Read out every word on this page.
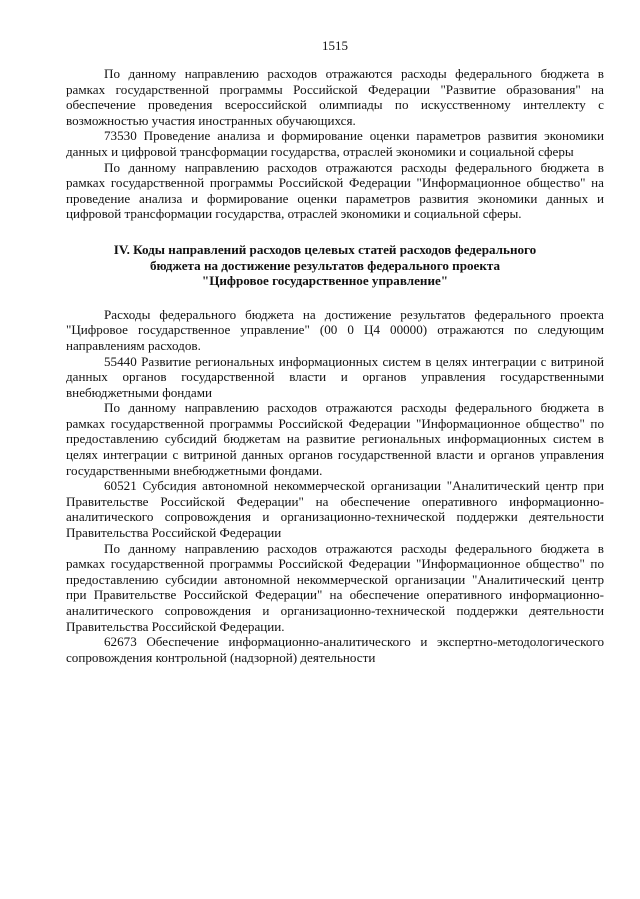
1515

По данному направлению расходов отражаются расходы федерального бюджета в рамках государственной программы Российской Федерации "Развитие образования" на обеспечение проведения всероссийской олимпиады по искусственному интеллекту с возможностью участия иностранных обучающихся.

73530 Проведение анализа и формирование оценки параметров развития экономики данных и цифровой трансформации государства, отраслей экономики и социальной сферы

По данному направлению расходов отражаются расходы федерального бюджета в рамках государственной программы Российской Федерации "Информационное общество" на проведение анализа и формирование оценки параметров развития экономики данных и цифровой трансформации государства, отраслей экономики и социальной сферы.

IV. Коды направлений расходов целевых статей расходов федерального
бюджета на достижение результатов федерального проекта
"Цифровое государственное управление"

Расходы федерального бюджета на достижение результатов федерального проекта "Цифровое государственное управление" (00 0 Ц4 00000) отражаются по следующим направлениям расходов.

55440 Развитие региональных информационных систем в целях интеграции с витриной данных органов государственной власти и органов управления государственными внебюджетными фондами

По данному направлению расходов отражаются расходы федерального бюджета в рамках государственной программы Российской Федерации "Информационное общество" по предоставлению субсидий бюджетам на развитие региональных информационных систем в целях интеграции с витриной данных органов государственной власти и органов управления государственными внебюджетными фондами.

60521 Субсидия автономной некоммерческой организации "Аналитический центр при Правительстве Российской Федерации" на обеспечение оперативного информационно-аналитического сопровождения и организационно-технической поддержки деятельности Правительства Российской Федерации

По данному направлению расходов отражаются расходы федерального бюджета в рамках государственной программы Российской Федерации "Информационное общество" по предоставлению субсидии автономной некоммерческой организации "Аналитический центр при Правительстве Российской Федерации" на обеспечение оперативного информационно-аналитического сопровождения и организационно-технической поддержки деятельности Правительства Российской Федерации.

62673 Обеспечение информационно-аналитического и экспертно-методологического сопровождения контрольной (надзорной) деятельности
